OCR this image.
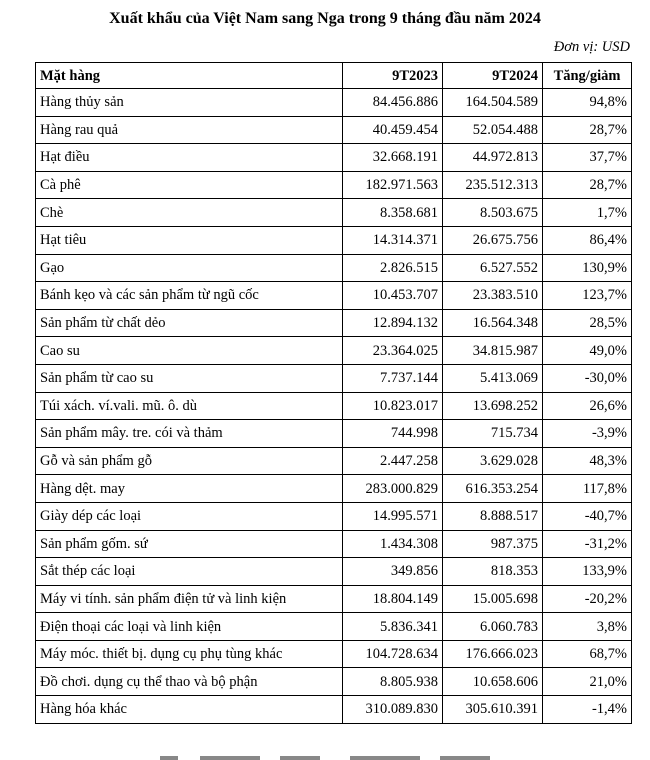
Xuất khẩu của Việt Nam sang Nga trong 9 tháng đầu năm 2024
Đơn vị: USD
Mặt hàng	9T2023	9T2024	Tăng/giảm
Hàng thủy sản	84.456.886	164.504.589	94,8%
Hàng rau quả	40.459.454	52.054.488	28,7%
Hạt điều	32.668.191	44.972.813	37,7%
Cà phê	182.971.563	235.512.313	28,7%
Chè	8.358.681	8.503.675	1,7%
Hạt tiêu	14.314.371	26.675.756	86,4%
Gạo	2.826.515	6.527.552	130,9%
Bánh kẹo và các sản phẩm từ ngũ cốc	10.453.707	23.383.510	123,7%
Sản phẩm từ chất dẻo	12.894.132	16.564.348	28,5%
Cao su	23.364.025	34.815.987	49,0%
Sản phẩm từ cao su	7.737.144	5.413.069	-30,0%
Túi xách. ví.vali. mũ. ô. dù	10.823.017	13.698.252	26,6%
Sản phẩm mây. tre. cói và thảm	744.998	715.734	-3,9%
Gỗ và sản phẩm gỗ	2.447.258	3.629.028	48,3%
Hàng dệt. may	283.000.829	616.353.254	117,8%
Giày dép các loại	14.995.571	8.888.517	-40,7%
Sản phẩm gốm. sứ	1.434.308	987.375	-31,2%
Sắt thép các loại	349.856	818.353	133,9%
Máy vi tính. sản phẩm điện tử và linh kiện	18.804.149	15.005.698	-20,2%
Điện thoại các loại và linh kiện	5.836.341	6.060.783	3,8%
Máy móc. thiết bị. dụng cụ phụ tùng khác	104.728.634	176.666.023	68,7%
Đồ chơi. dụng cụ thể thao và bộ phận	8.805.938	10.658.606	21,0%
Hàng hóa khác	310.089.830	305.610.391	-1,4%
